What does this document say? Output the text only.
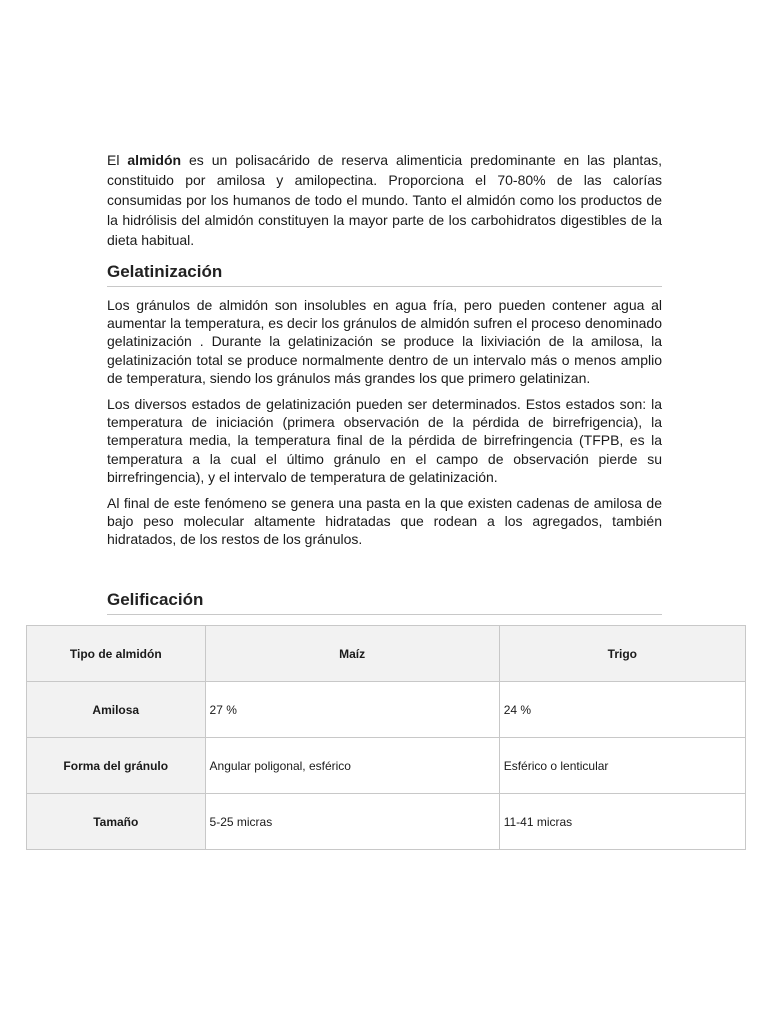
El almidón es un polisacárido de reserva alimenticia predominante en las plantas, constituido por amilosa y amilopectina. Proporciona el 70-80% de las calorías consumidas por los humanos de todo el mundo. Tanto el almidón como los productos de la hidrólisis del almidón constituyen la mayor parte de los carbohidratos digestibles de la dieta habitual.

Gelatinización

Los gránulos de almidón son insolubles en agua fría, pero pueden contener agua al aumentar la temperatura, es decir los gránulos de almidón sufren el proceso denominado gelatinización . Durante la gelatinización se produce la lixiviación de la amilosa, la gelatinización total se produce normalmente dentro de un intervalo más o menos amplio de temperatura, siendo los gránulos más grandes los que primero gelatinizan.

Los diversos estados de gelatinización pueden ser determinados. Estos estados son: la temperatura de iniciación (primera observación de la pérdida de birrefrigencia), la temperatura media, la temperatura final de la pérdida de birrefringencia (TFPB, es la temperatura a la cual el último gránulo en el campo de observación pierde su birrefringencia), y el intervalo de temperatura de gelatinización.

Al final de este fenómeno se genera una pasta en la que existen cadenas de amilosa de bajo peso molecular altamente hidratadas que rodean a los agregados, también hidratados, de los restos de los gránulos.

Gelificación
Tipo de almidón	Maíz	Trigo
Amilosa	27 %	24 %
Forma del gránulo	Angular poligonal, esférico	Esférico o lenticular
Tamaño	5-25 micras	11-41 micras
